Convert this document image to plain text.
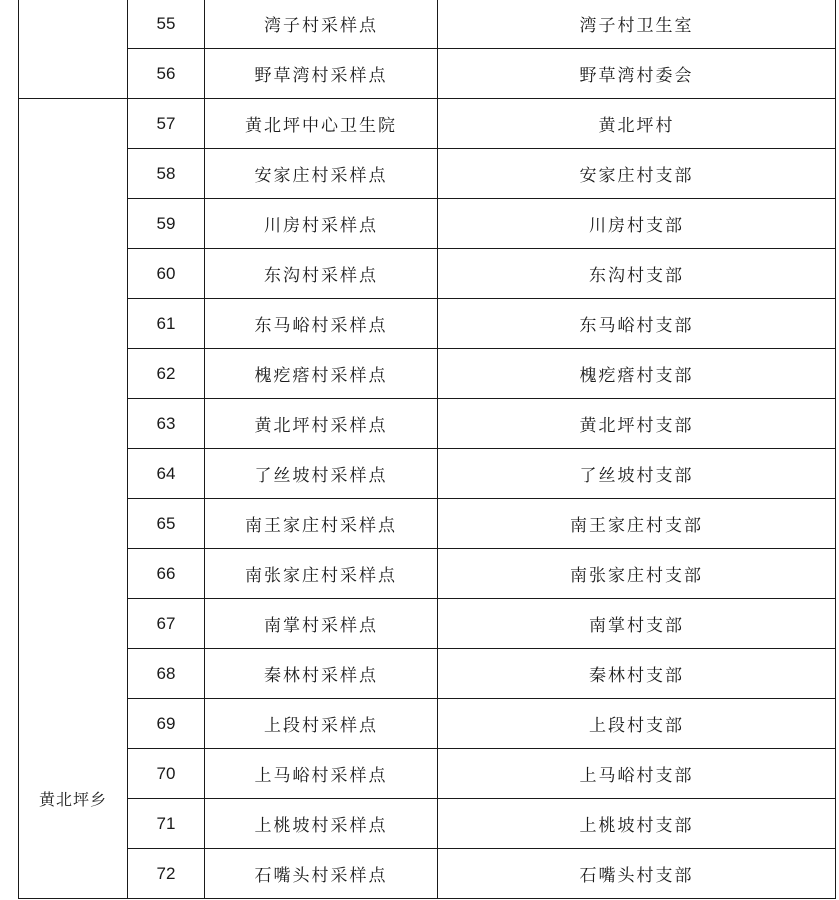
	55	湾子村采样点	湾子村卫生室
	56	野草湾村采样点	野草湾村委会
黄北坪乡	57	黄北坪中心卫生院	黄北坪村
	58	安家庄村采样点	安家庄村支部
	59	川房村采样点	川房村支部
	60	东沟村采样点	东沟村支部
	61	东马峪村采样点	东马峪村支部
	62	槐疙瘩村采样点	槐疙瘩村支部
	63	黄北坪村采样点	黄北坪村支部
	64	了丝坡村采样点	了丝坡村支部
	65	南王家庄村采样点	南王家庄村支部
	66	南张家庄村采样点	南张家庄村支部
	67	南掌村采样点	南掌村支部
	68	秦林村采样点	秦林村支部
	69	上段村采样点	上段村支部
	70	上马峪村采样点	上马峪村支部
	71	上桃坡村采样点	上桃坡村支部
	72	石嘴头村采样点	石嘴头村支部
